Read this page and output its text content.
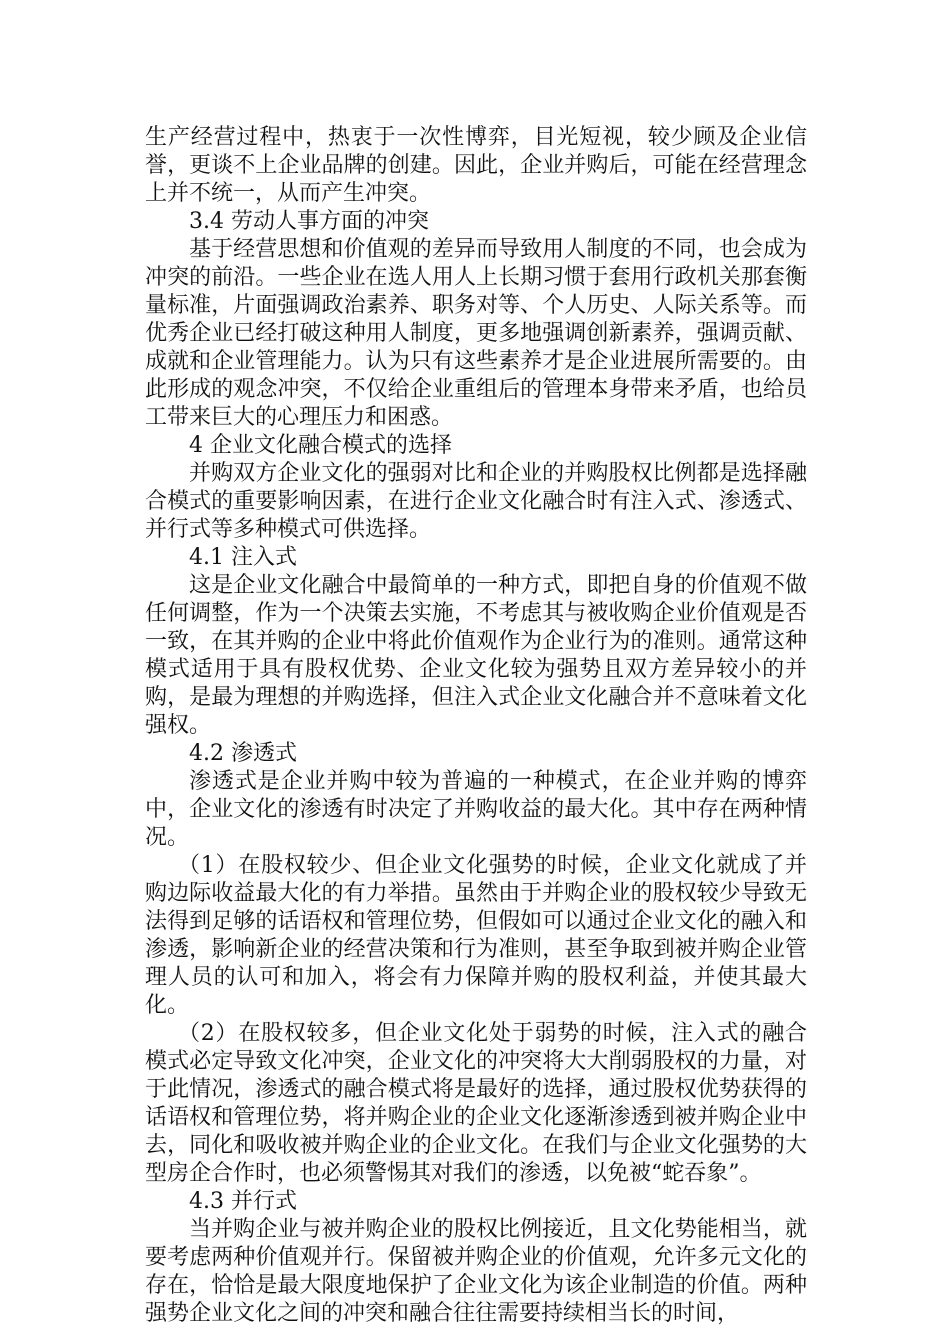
生产经营过程中，热衷于一次性博弈，目光短视，较少顾及企业信誉，更谈不上企业品牌的创建。因此，企业并购后，可能在经营理念上并不统一，从而产生冲突。

3.4 劳动人事方面的冲突

基于经营思想和价值观的差异而导致用人制度的不同，也会成为冲突的前沿。一些企业在选人用人上长期习惯于套用行政机关那套衡量标准，片面强调政治素养、职务对等、个人历史、人际关系等。而优秀企业已经打破这种用人制度，更多地强调创新素养，强调贡献、成就和企业管理能力。认为只有这些素养才是企业进展所需要的。由此形成的观念冲突，不仅给企业重组后的管理本身带来矛盾，也给员工带来巨大的心理压力和困惑。

4 企业文化融合模式的选择

并购双方企业文化的强弱对比和企业的并购股权比例都是选择融合模式的重要影响因素，在进行企业文化融合时有注入式、渗透式、并行式等多种模式可供选择。

4.1 注入式

这是企业文化融合中最简单的一种方式，即把自身的价值观不做任何调整，作为一个决策去实施，不考虑其与被收购企业价值观是否一致，在其并购的企业中将此价值观作为企业行为的准则。通常这种模式适用于具有股权优势、企业文化较为强势且双方差异较小的并购，是最为理想的并购选择，但注入式企业文化融合并不意味着文化强权。

4.2 渗透式

渗透式是企业并购中较为普遍的一种模式，在企业并购的博弈中，企业文化的渗透有时决定了并购收益的最大化。其中存在两种情况。

（1）在股权较少、但企业文化强势的时候，企业文化就成了并购边际收益最大化的有力举措。虽然由于并购企业的股权较少导致无法得到足够的话语权和管理位势，但假如可以通过企业文化的融入和渗透，影响新企业的经营决策和行为准则，甚至争取到被并购企业管理人员的认可和加入，将会有力保障并购的股权利益，并使其最大化。

（2）在股权较多，但企业文化处于弱势的时候，注入式的融合模式必定导致文化冲突，企业文化的冲突将大大削弱股权的力量，对于此情况，渗透式的融合模式将是最好的选择，通过股权优势获得的话语权和管理位势，将并购企业的企业文化逐渐渗透到被并购企业中去，同化和吸收被并购企业的企业文化。在我们与企业文化强势的大型房企合作时，也必须警惕其对我们的渗透，以免被“蛇吞象”。

4.3 并行式

当并购企业与被并购企业的股权比例接近，且文化势能相当，就要考虑两种价值观并行。保留被并购企业的价值观，允许多元文化的存在，恰恰是最大限度地保护了企业文化为该企业制造的价值。两种强势企业文化之间的冲突和融合往往需要持续相当长的时间，
